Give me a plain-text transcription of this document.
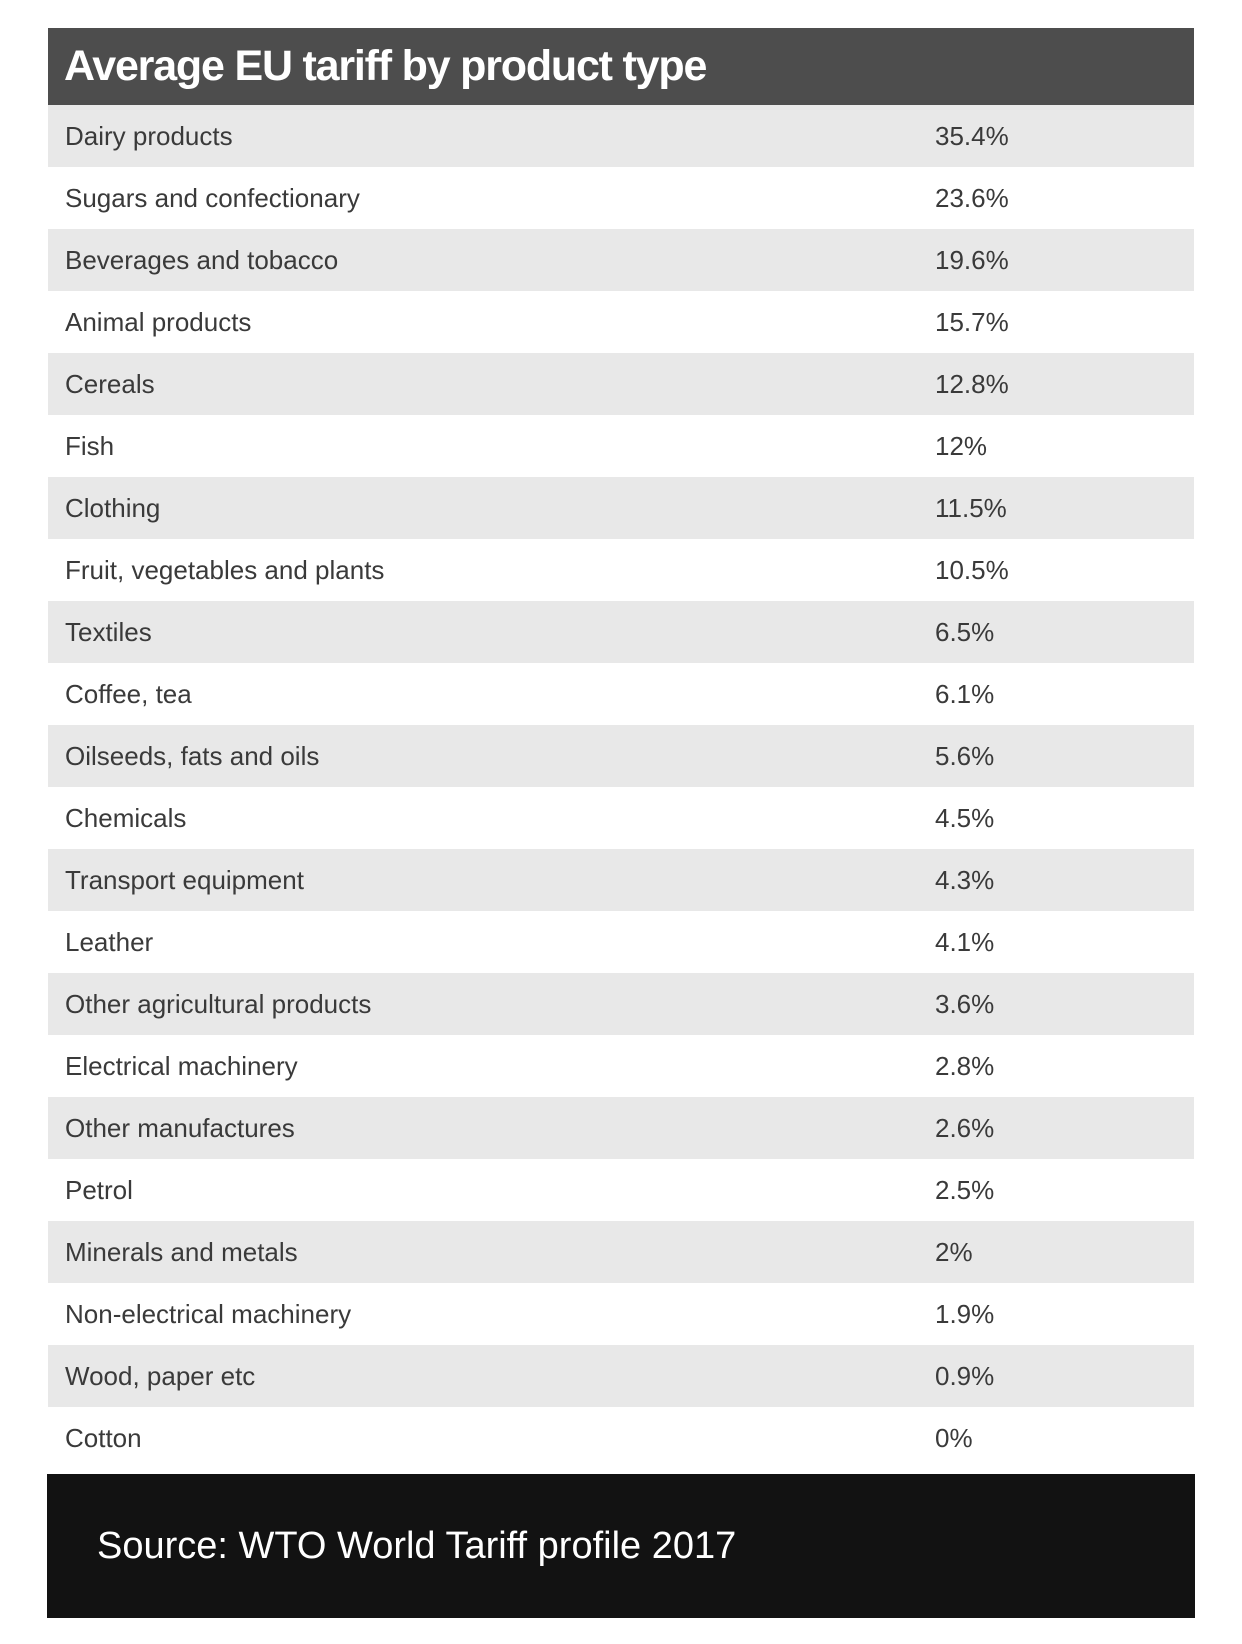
Average EU tariff by product type
Dairy products	35.4%
Sugars and confectionary	23.6%
Beverages and tobacco	19.6%
Animal products	15.7%
Cereals	12.8%
Fish	12%
Clothing	11.5%
Fruit, vegetables and plants	10.5%
Textiles	6.5%
Coffee, tea	6.1%
Oilseeds, fats and oils	5.6%
Chemicals	4.5%
Transport equipment	4.3%
Leather	4.1%
Other agricultural products	3.6%
Electrical machinery	2.8%
Other manufactures	2.6%
Petrol	2.5%
Minerals and metals	2%
Non-electrical machinery	1.9%
Wood, paper etc	0.9%
Cotton	0%
Source: WTO World Tariff profile 2017
